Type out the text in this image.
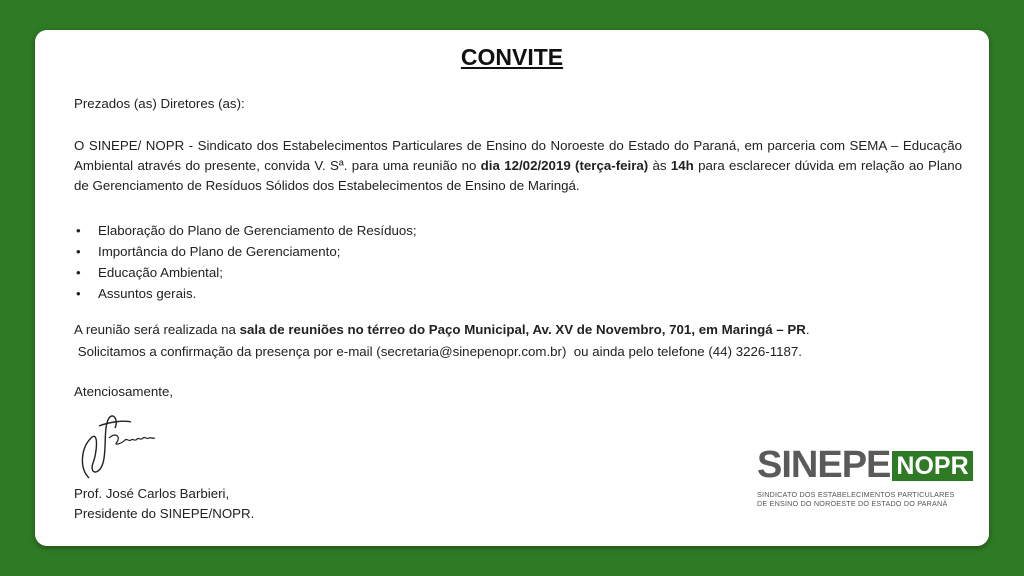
CONVITE
Prezados (as) Diretores (as):
O SINEPE/ NOPR - Sindicato dos Estabelecimentos Particulares de Ensino do Noroeste do Estado do Paraná, em parceria com SEMA – Educação Ambiental através do presente, convida V. Sª. para uma reunião no dia 12/02/2019 (terça-feira) às 14h para esclarecer dúvida em relação ao Plano de Gerenciamento de Resíduos Sólidos dos Estabelecimentos de Ensino de Maringá.
• Elaboração do Plano de Gerenciamento de Resíduos;
• Importância do Plano de Gerenciamento;
• Educação Ambiental;
• Assuntos gerais.
A reunião será realizada na sala de reuniões no térreo do Paço Municipal, Av. XV de Novembro, 701, em Maringá – PR.
Solicitamos a confirmação da presença por e-mail (secretaria@sinepenopr.com.br)  ou ainda pelo telefone (44) 3226-1187.
Atenciosamente,
Prof. José Carlos Barbieri,
Presidente do SINEPE/NOPR.
SINEPE NOPR
SINDICATO DOS ESTABELECIMENTOS PARTICULARES
DE ENSINO DO NOROESTE DO ESTADO DO PARANÁ
